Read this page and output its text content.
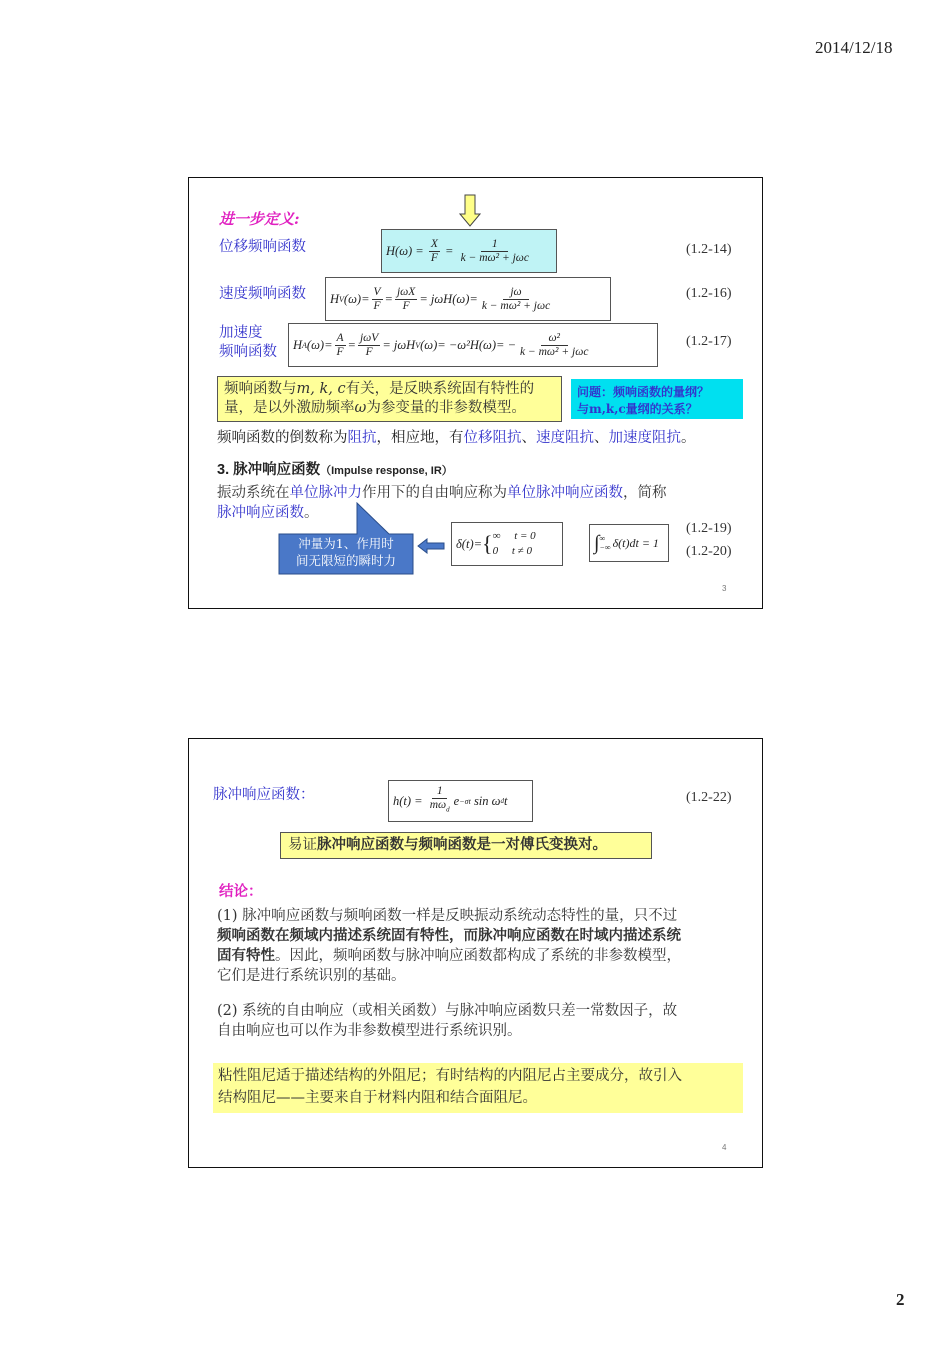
2014/12/18
进一步定义:
位移频响函数	$H(\omega) = \frac{X}{F} = \frac{1}{\text{k − mω² + jωc}}$	(1.2-14)
速度频响函数	H V $(\omega)= \frac{V}{F} = \frac{\text{jωX}}{F} = j\omega H(\omega)= \frac{j\omega}{\text{k − mω² + jωc}}$	(1.2-16)
加速度
频响函数	H A $(\omega)= \frac{A}{F} = \frac{\text{jωV}}{F} = j\omega H$ V $(\omega)= -\omega^2H(\omega)= - \frac{\text{ω²}}{\text{k − mω² + jωc}}$	(1.2-17)
频响函数与m, k, c有关，是反映系统固有特性的
量，是以外激励频率ω为参变量的非参数模型。
问题：频响函数的量纲？
与m,k,c量纲的关系？
频响函数的倒数称为阻抗，相应地，有位移阻抗、速度阻抗、加速度阻抗。
3. 脉冲响应函数（Impulse response, IR）
振动系统在单位脉冲力作用下的自由响应称为单位脉冲响应函数，简称
脉冲响应函数。
冲量为1、作用时
间无限短的瞬时力
δ(t)= { ∞     t = 0
0     t ≠ 0	∫ ∞
−∞ δ(t)dt = 1
(1.2-19)
(1.2-20)
3
脉冲响应函数：	$h(t) = \frac{1}{m\omega_d}$ e −σt sin ω d t	(1.2-22)
易证脉冲响应函数与频响函数是一对傅氏变换对。
结论：
(1) 脉冲响应函数与频响函数一样是反映振动系统动态特性的量，只不过
频响函数在频域内描述系统固有特性，而脉冲响应函数在时域内描述系统
固有特性。因此，频响函数与脉冲响应函数都构成了系统的非参数模型，
它们是进行系统识别的基础。
(2) 系统的自由响应（或相关函数）与脉冲响应函数只差一常数因子，故
自由响应也可以作为非参数模型进行系统识别。
粘性阻尼适于描述结构的外阻尼；有时结构的内阻尼占主要成分，故引入
结构阻尼——主要来自于材料内阻和结合面阻尼。
4
2
